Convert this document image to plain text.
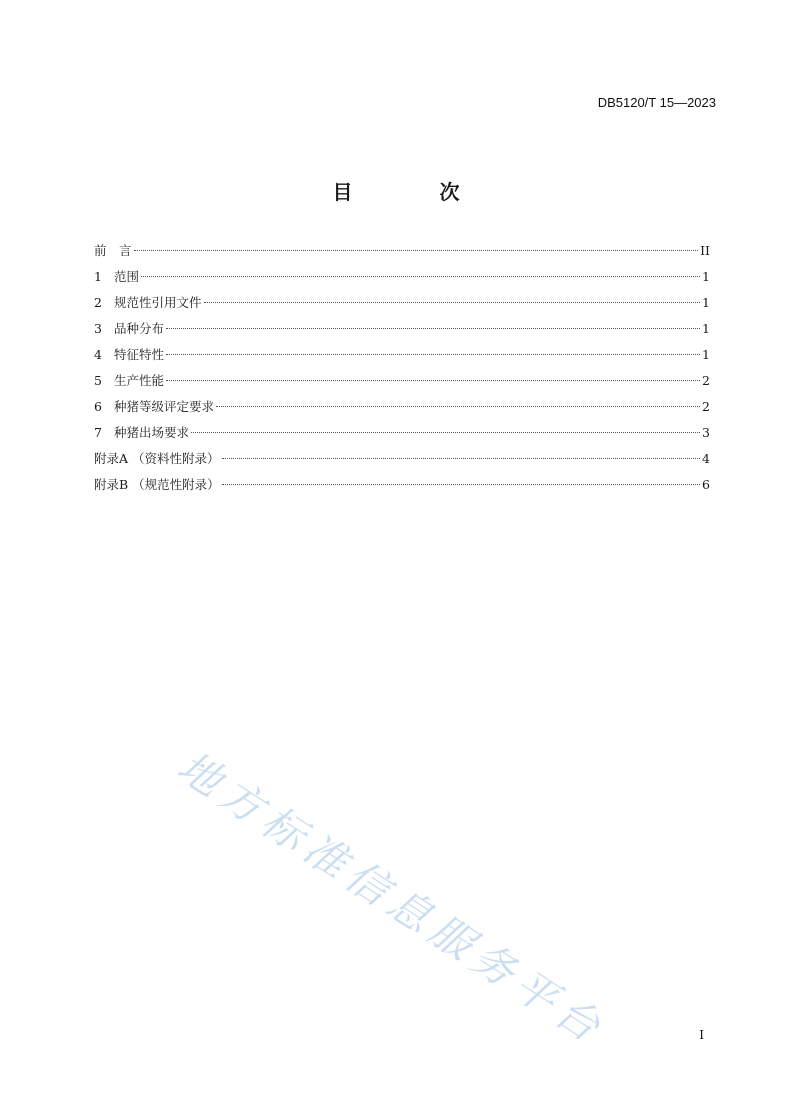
DB5120/T 15—2023
目 次
前　言	II
1 范围	1
2 规范性引用文件	1
3 品种分布	1
4 特征特性	1
5 生产性能	2
6 种猪等级评定要求	2
7 种猪出场要求	3
附录A （资料性附录）	4
附录B （规范性附录）	6
地方标准信息服务平台	I
